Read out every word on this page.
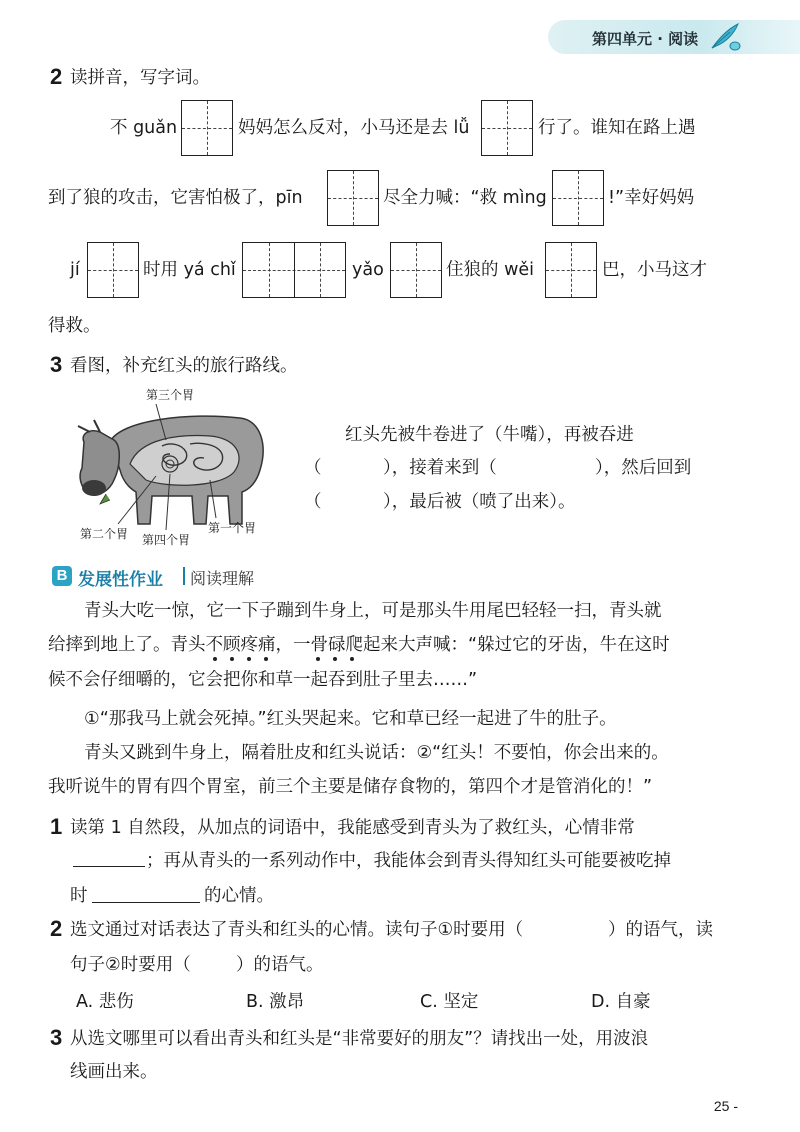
第四单元 · 阅读
2 读拼音，写字词。
不 guǎn	妈妈怎么反对，小马还是去 lǚ	行了。谁知在路上遇
到了狼的攻击，它害怕极了，pīn	尽全力喊：“救 mìng	!”幸好妈妈
jí	时用 yá chǐ	yǎo	住狼的 wěi	巴，小马这才
得救。
3 看图，补充红头的旅行路线。
第三个胃
第二个胃 第四个胃
第一个胃
红头先被牛卷进了（牛嘴），再被吞进
（	），接着来到（	），然后回到
（	），最后被（喷了出来）。
B 发展性作业 阅读理解
青头大吃一惊，它一下子蹦到牛身上，可是那头牛用尾巴轻轻一扫，青头就
给摔到地上了。青头不顾疼痛，一骨碌爬起来大声喊：“躲过它的牙齿，牛在这时
候不会仔细嚼的，它会把你和草一起吞到肚子里去……”
①“那我马上就会死掉。”红头哭起来。它和草已经一起进了牛的肚子。
青头又跳到牛身上，隔着肚皮和红头说话：②“红头！不要怕，你会出来的。
我听说牛的胃有四个胃室，前三个主要是储存食物的，第四个才是管消化的！”
1 读第 1 自然段，从加点的词语中，我能感受到青头为了救红头，心情非常
；再从青头的一系列动作中，我能体会到青头得知红头可能要被吃掉
时	的心情。
2 选文通过对话表达了青头和红头的心情。读句子①时要用（	）的语气，读
句子②时要用（	）的语气。
A. 悲伤	B. 激昂	C. 坚定	D. 自豪
3 从选文哪里可以看出青头和红头是“非常要好的朋友”？请找出一处，用波浪
线画出来。
25 -
